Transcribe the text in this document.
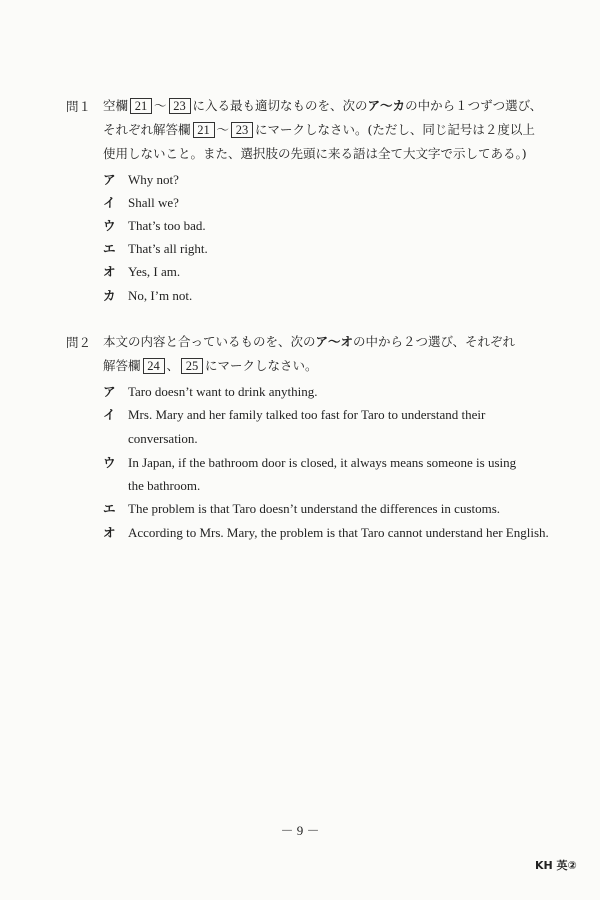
問１ 空欄 21 ～ 23 に入る最も適切なものを、次のア～カの中から１つずつ選び、
それぞれ解答欄 21 ～ 23 にマークしなさい。(ただし、同じ記号は２度以上
使用しないこと。また、選択肢の先頭に来る語は全て大文字で示してある。)
ア Why not?
イ Shall we?
ウ That’s too bad.
エ That’s all right.
オ Yes, I am.
カ No, I’m not.
問２ 本文の内容と合っているものを、次のア～オの中から２つ選び、それぞれ
解答欄 24 、 25 にマークしなさい。
ア Taro doesn’t want to drink anything.
イ Mrs. Mary and her family talked too fast for Taro to understand their
conversation.
ウ In Japan, if the bathroom door is closed, it always means someone is using
the bathroom.
エ The problem is that Taro doesn’t understand the differences in customs.
オ According to Mrs. Mary, the problem is that Taro cannot understand her English.
－ 9 －
KH 英②
